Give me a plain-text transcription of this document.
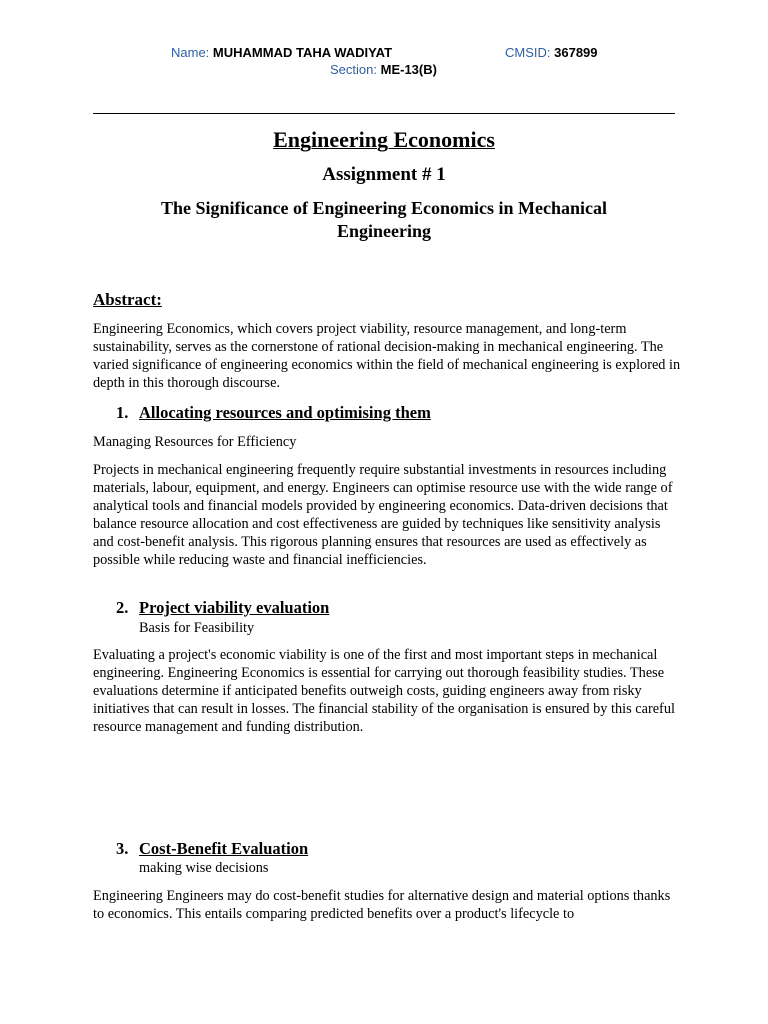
Name: MUHAMMAD TAHA WADIYAT	CMSID: 367899
Section: ME-13(B)
Engineering Economics
Assignment # 1
The Significance of Engineering Economics in Mechanical
Engineering
Abstract:
Engineering Economics, which covers project viability, resource management, and long-term sustainability, serves as the cornerstone of rational decision-making in mechanical engineering. The varied significance of engineering economics within the field of mechanical engineering is explored in depth in this thorough discourse.
1. Allocating resources and optimising them
Managing Resources for Efficiency
Projects in mechanical engineering frequently require substantial investments in resources including materials, labour, equipment, and energy. Engineers can optimise resource use with the wide range of analytical tools and financial models provided by engineering economics. Data-driven decisions that balance resource allocation and cost effectiveness are guided by techniques like sensitivity analysis and cost-benefit analysis. This rigorous planning ensures that resources are used as effectively as possible while reducing waste and financial inefficiencies.
2. Project viability evaluation
Basis for Feasibility
Evaluating a project's economic viability is one of the first and most important steps in mechanical engineering. Engineering Economics is essential for carrying out thorough feasibility studies. These evaluations determine if anticipated benefits outweigh costs, guiding engineers away from risky initiatives that can result in losses. The financial stability of the organisation is ensured by this careful resource management and funding distribution.
3. Cost-Benefit Evaluation
making wise decisions
Engineering Engineers may do cost-benefit studies for alternative design and material options thanks to economics. This entails comparing predicted benefits over a product's lifecycle to
